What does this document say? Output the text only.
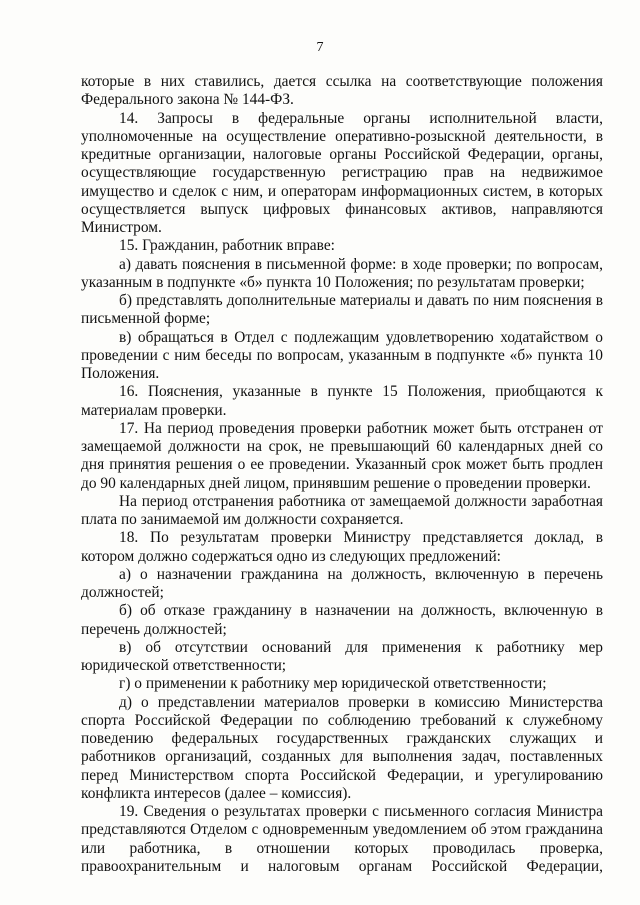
7

которые в них ставились, дается ссылка на соответствующие положения Федерального закона № 144-ФЗ.

14. Запросы в федеральные органы исполнительной власти, уполномоченные на осуществление оперативно-розыскной деятельности, в кредитные организации, налоговые органы Российской Федерации, органы, осуществляющие государственную регистрацию прав на недвижимое имущество и сделок с ним, и операторам информационных систем, в которых осуществляется выпуск цифровых финансовых активов, направляются Министром.

15. Гражданин, работник вправе:

а) давать пояснения в письменной форме: в ходе проверки; по вопросам, указанным в подпункте «б» пункта 10 Положения; по результатам проверки;

б) представлять дополнительные материалы и давать по ним пояснения в письменной форме;

в) обращаться в Отдел с подлежащим удовлетворению ходатайством о проведении с ним беседы по вопросам, указанным в подпункте «б» пункта 10 Положения.

16. Пояснения, указанные в пункте 15 Положения, приобщаются к материалам проверки.

17. На период проведения проверки работник может быть отстранен от замещаемой должности на срок, не превышающий 60 календарных дней со дня принятия решения о ее проведении. Указанный срок может быть продлен до 90 календарных дней лицом, принявшим решение о проведении проверки.

На период отстранения работника от замещаемой должности заработная плата по занимаемой им должности сохраняется.

18. По результатам проверки Министру представляется доклад, в котором должно содержаться одно из следующих предложений:

а) о назначении гражданина на должность, включенную в перечень должностей;

б) об отказе гражданину в назначении на должность, включенную в перечень должностей;

в) об отсутствии оснований для применения к работнику мер юридической ответственности;

г) о применении к работнику мер юридической ответственности;

д) о представлении материалов проверки в комиссию Министерства спорта Российской Федерации по соблюдению требований к служебному поведению федеральных государственных гражданских служащих и работников организаций, созданных для выполнения задач, поставленных перед Министерством спорта Российской Федерации, и урегулированию конфликта интересов (далее – комиссия).

19. Сведения о результатах проверки с письменного согласия Министра представляются Отделом с одновременным уведомлением об этом гражданина или работника, в отношении которых проводилась проверка, правоохранительным и налоговым органам Российской Федерации,
